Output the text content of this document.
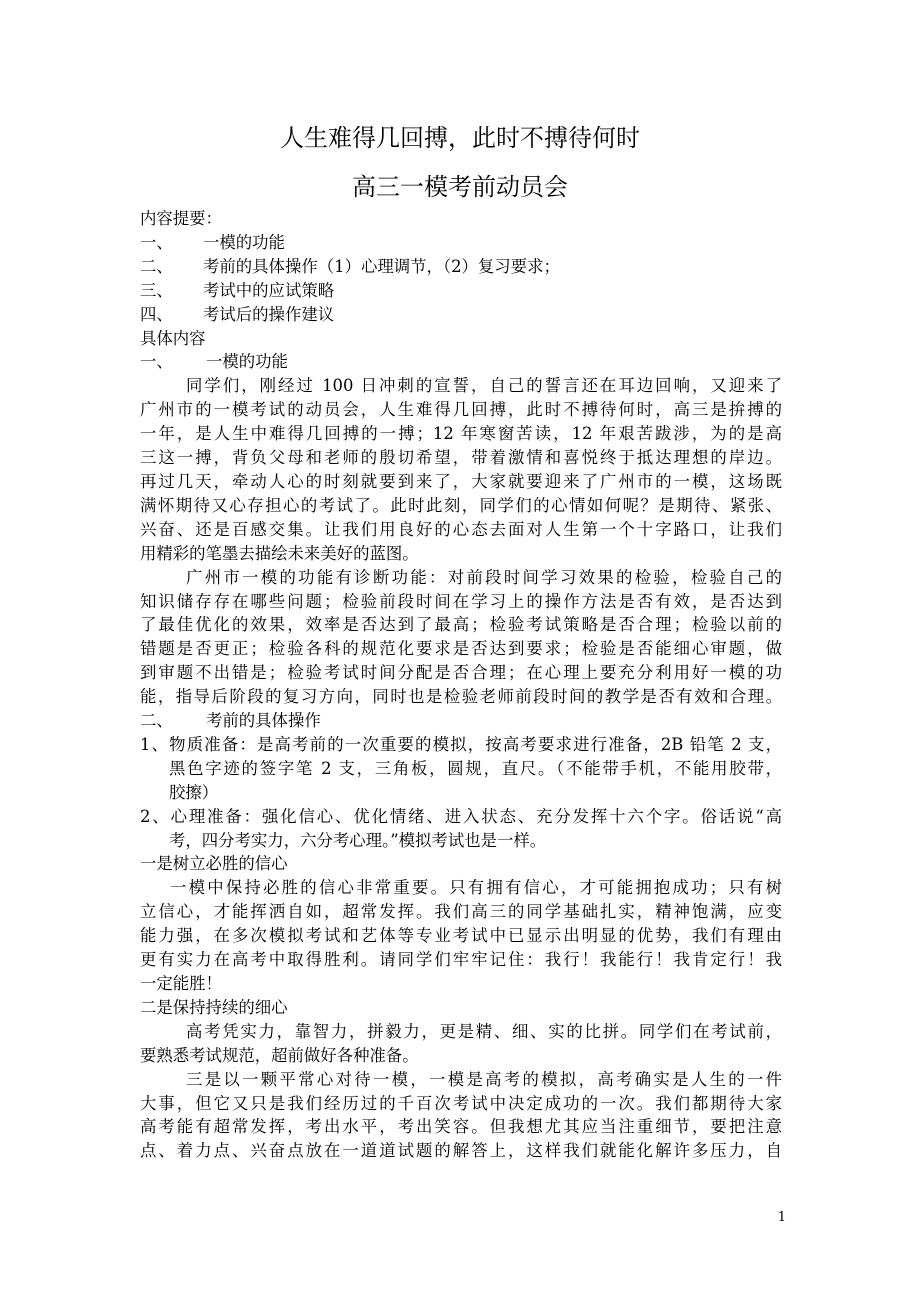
人生难得几回搏，此时不搏待何时
高三一模考前动员会
内容提要：
一、 一模的功能
二、 考前的具体操作（1）心理调节，（2）复习要求；
三、 考试中的应试策略
四、 考试后的操作建议
具体内容
一、 一模的功能
同学们，刚经过 100 日冲刺的宣誓，自己的誓言还在耳边回响，又迎来了
广州市的一模考试的动员会，人生难得几回搏，此时不搏待何时，高三是拚搏的
一年，是人生中难得几回搏的一搏；12 年寒窗苦读，12 年艰苦跋涉，为的是高
三这一搏，背负父母和老师的殷切希望，带着激情和喜悦终于抵达理想的岸边。
再过几天，牵动人心的时刻就要到来了，大家就要迎来了广州市的一模，这场既
满怀期待又心存担心的考试了。此时此刻，同学们的心情如何呢？是期待、紧张、
兴奋、还是百感交集。让我们用良好的心态去面对人生第一个十字路口，让我们
用精彩的笔墨去描绘未来美好的蓝图。
广州市一模的功能有诊断功能：对前段时间学习效果的检验，检验自己的
知识储存存在哪些问题；检验前段时间在学习上的操作方法是否有效，是否达到
了最佳优化的效果，效率是否达到了最高；检验考试策略是否合理；检验以前的
错题是否更正；检验各科的规范化要求是否达到要求；检验是否能细心审题，做
到审题不出错是；检验考试时间分配是否合理；在心理上要充分利用好一模的功
能，指导后阶段的复习方向，同时也是检验老师前段时间的教学是否有效和合理。
二、 考前的具体操作
1、物质准备：是高考前的一次重要的模拟，按高考要求进行准备，2B 铅笔 2 支，
黑色字迹的签字笔 2 支，三角板，圆规，直尺。（不能带手机，不能用胶带，
胶擦）
2、心理准备：强化信心、优化情绪、进入状态、充分发挥十六个字。俗话说“高
考，四分考实力，六分考心理。”模拟考试也是一样。
一是树立必胜的信心
一模中保持必胜的信心非常重要。只有拥有信心，才可能拥抱成功；只有树
立信心，才能挥洒自如，超常发挥。我们高三的同学基础扎实，精神饱满，应变
能力强，在多次模拟考试和艺体等专业考试中已显示出明显的优势，我们有理由
更有实力在高考中取得胜利。请同学们牢牢记住：我行！我能行！我肯定行！我
一定能胜！
二是保持持续的细心
高考凭实力，靠智力，拼毅力，更是精、细、实的比拼。同学们在考试前，
要熟悉考试规范，超前做好各种准备。
三是以一颗平常心对待一模，一模是高考的模拟，高考确实是人生的一件
大事，但它又只是我们经历过的千百次考试中决定成功的一次。我们都期待大家
高考能有超常发挥，考出水平，考出笑容。但我想尤其应当注重细节，要把注意
点、着力点、兴奋点放在一道道试题的解答上，这样我们就能化解许多压力，自
1
